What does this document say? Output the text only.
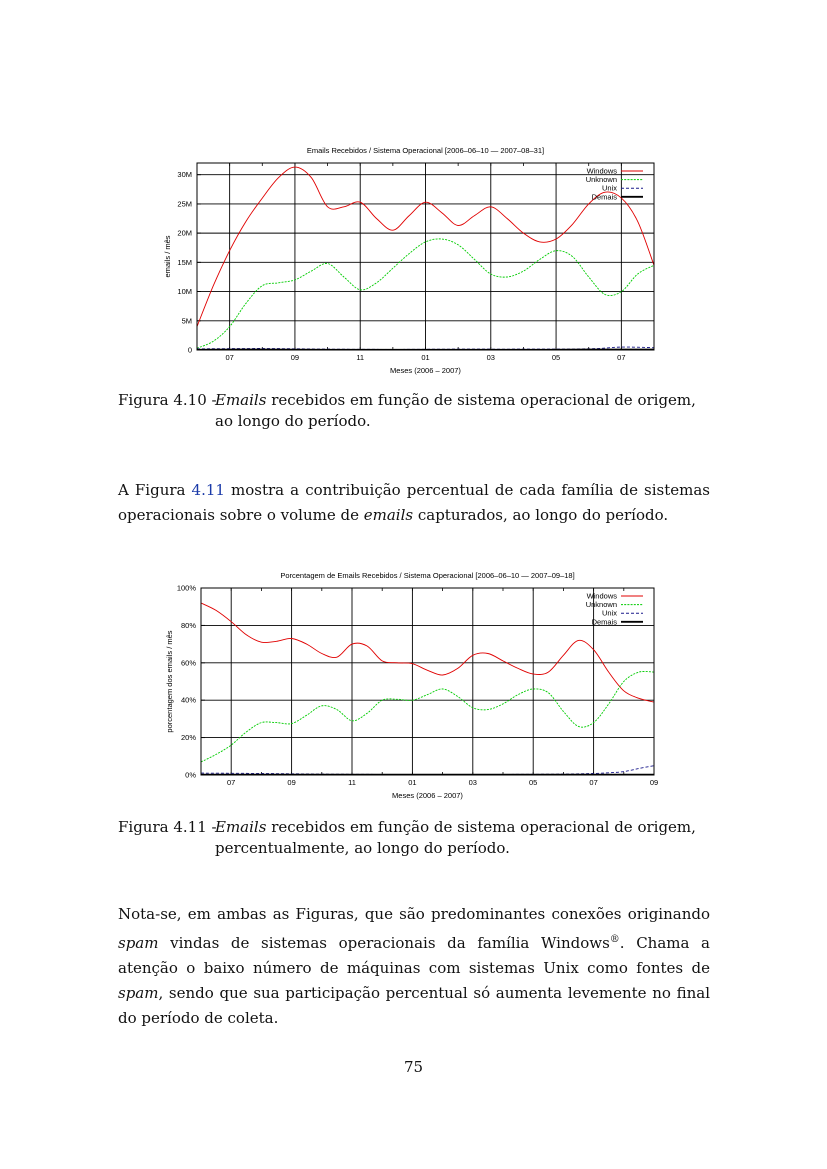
Emails Recebidos / Sistema Operacional [2006–06–10 — 2007–08–31]
0
5M
10M
15M
20M
25M
30M
07	09	11	01	03	05	07
Meses (2006 – 2007)
emails / mês
Windows
Unknown
Unix
Demais
Figura 4.10 -
Emails recebidos em função de sistema operacional de origem, ao longo do período.
A Figura 4.11 mostra a contribuição percentual de cada família de sistemas operacionais sobre o volume de emails capturados, ao longo do período.
Porcentagem de Emails Recebidos / Sistema Operacional [2006–06–10 — 2007–09–18]
0%
20%
40%
60%
80%
100%
07	09	11	01	03	05	07	09
Meses (2006 – 2007)
porcentagem dos emails / mês
Windows
Unknown
Unix
Demais
Figura 4.11 -
Emails recebidos em função de sistema operacional de origem, percentualmente, ao longo do período.
Nota-se, em ambas as Figuras, que são predominantes conexões originando spam vindas de sistemas operacionais da família Windows®. Chama a atenção o baixo número de máquinas com sistemas Unix como fontes de spam, sendo que sua participação percentual só aumenta levemente no final do período de coleta.
75
